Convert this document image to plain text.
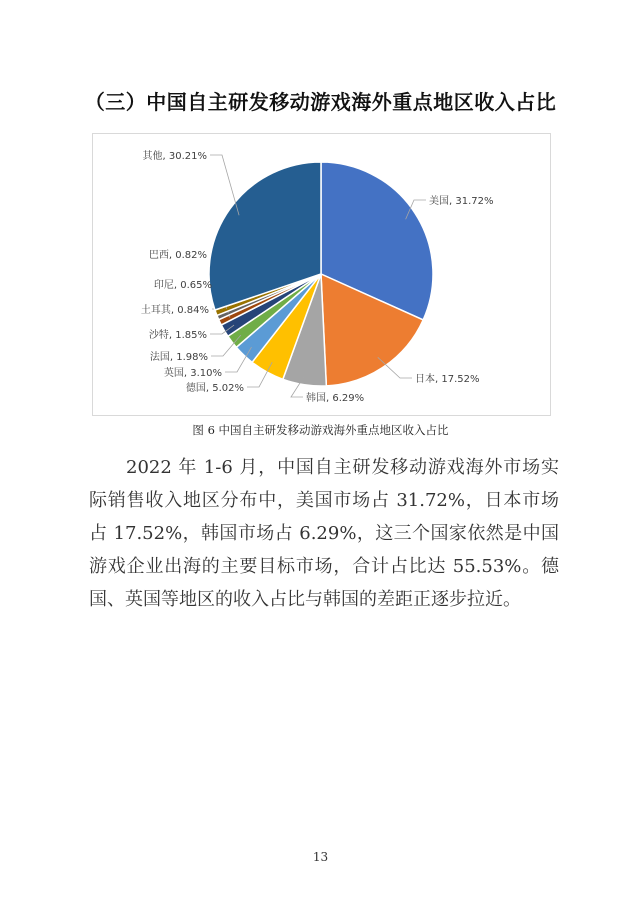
（三）中国自主研发移动游戏海外重点地区收入占比
美国, 31.72%
日本, 17.52%
韩国, 6.29%
德国, 5.02%
英国, 3.10%
法国, 1.98%
沙特, 1.85%
土耳其, 0.84%
印尼, 0.65%
巴西, 0.82%
其他, 30.21%
图 6 中国自主研发移动游戏海外重点地区收入占比

2022 年 1-6 月，中国自主研发移动游戏海外市场实际销售收入地区分布中，美国市场占 31.72%，日本市场占 17.52%，韩国市场占 6.29%，这三个国家依然是中国游戏企业出海的主要目标市场，合计占比达 55.53%。德国、英国等地区的收入占比与韩国的差距正逐步拉近。

13
